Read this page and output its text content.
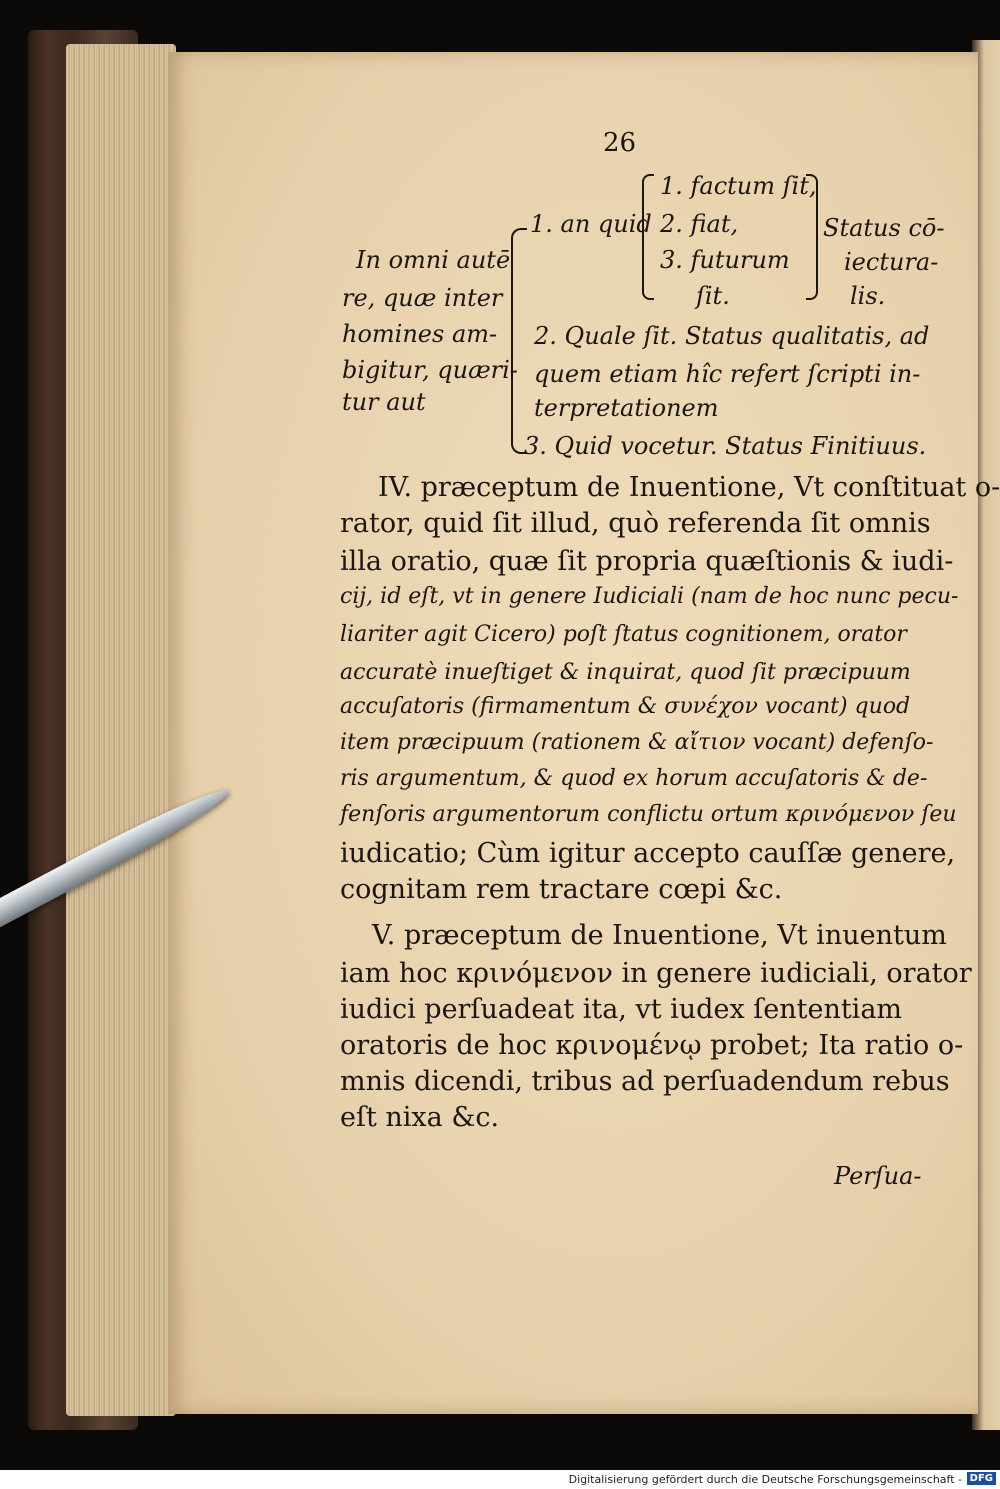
26
In omni autē
re, quæ inter
homines am-
bigitur, quæri-
tur aut
1. an quid
1. factum ſit,
2. fiat,
3. futurum
ſit.
Status cō-
iectura-
lis.
2. Quale ſit. Status qualitatis, ad
quem etiam hîc refert ſcripti in-
terpretationem
3. Quid vocetur. Status Finitiuus.
IV. præceptum de Inuentione, Vt conſtituat o-
rator, quid ſit illud, quò referenda ſit omnis
illa oratio, quæ ſit propria quæſtionis & iudi-
cij, id eſt, vt in genere Iudiciali (nam de hoc nunc pecu-
liariter agit Cicero) poſt ſtatus cognitionem, orator
accuratè inueſtiget & inquirat, quod ſit præcipuum
accuſatoris (firmamentum & συνέχον vocant) quod
item præcipuum (rationem & αἴτιον vocant) defenſo-
ris argumentum, & quod ex horum accuſatoris & de-
fenſoris argumentorum conflictu ortum κρινόμενον ſeu
iudicatio; Cùm igitur accepto cauſſæ genere,
cognitam rem tractare cœpi &c.
V. præceptum de Inuentione, Vt inuentum
iam hoc κρινόμενον in genere iudiciali, orator
iudici perſuadeat ita, vt iudex ſententiam
oratoris de hoc κρινομένῳ probet; Ita ratio o-
mnis dicendi, tribus ad perſuadendum rebus
eſt nixa &c.
Perſua-
Digitalisierung gefördert durch die Deutsche Forschungsgemeinschaft - DFG
